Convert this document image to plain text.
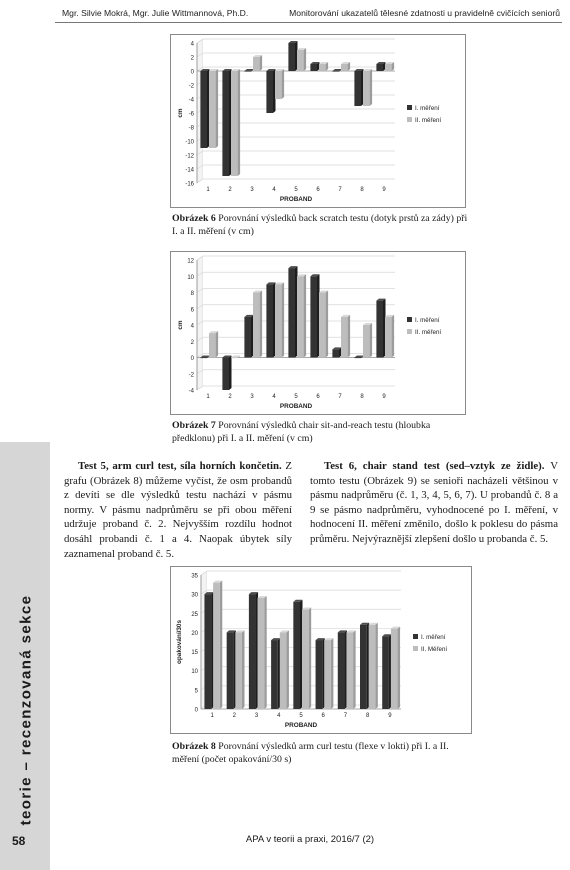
Mgr. Silvie Mokrá, Mgr. Julie Wittmannová, Ph.D.	Monitorování ukazatelů tělesné zdatnosti u pravidelně cvičících seniorů
teorie – recenzovaná sekce
-16
-14
-12
-10
-8
-6
-4
-2
0
2
4
1	2	3	4	5	6	7	8	9
PROBAND
cm	I. měření
II. měření
Obrázek 6 Porovnání výsledků back scratch testu (dotyk prstů za zády) při I. a II. měření (v cm)
-4
-2
0
2
4
6
8
10
12
1	2	3	4	5	6	7	8	9
PROBAND
cm	I. měření
II. měření
Obrázek 7 Porovnání výsledků chair sit-and-reach testu (hloubka předklonu) při I. a II. měření (v cm)

Test 5, arm curl test, síla horních končetin. Z grafu (Obrázek 8) můžeme vyčíst, že osm probandů z devíti se dle výsledků testu nachází v pásmu normy. V pásmu nadprůměru se při obou měření udržuje proband č. 2. Nejvyšším rozdílu hodnot dosáhl probandi č. 1 a 4. Naopak úbytek síly zaznamenal proband č. 5.

Test 6, chair stand test (sed–vztyk ze židle). V tomto testu (Obrázek 9) se senioři nacházeli většinou v pásmu nadprůměru (č. 1, 3, 4, 5, 6, 7). U probandů č. 8 a 9 se pásmo nadprůměru, vyhodnocené po I. měření, v hodnocení II. měření změnilo, došlo k poklesu do pásma průměru. Nejvýraznější zlepšení došlo u probanda č. 5.

0
5
10
15
20
25
30
35
1	2	3	4	5	6	7	8	9
PROBAND
opakování/30s	I. měření
II. Měření
Obrázek 8 Porovnání výsledků arm curl testu (flexe v lokti) při I. a II. měření (počet opakování/30 s)
58	APA v teorii a praxi, 2016/7 (2)
